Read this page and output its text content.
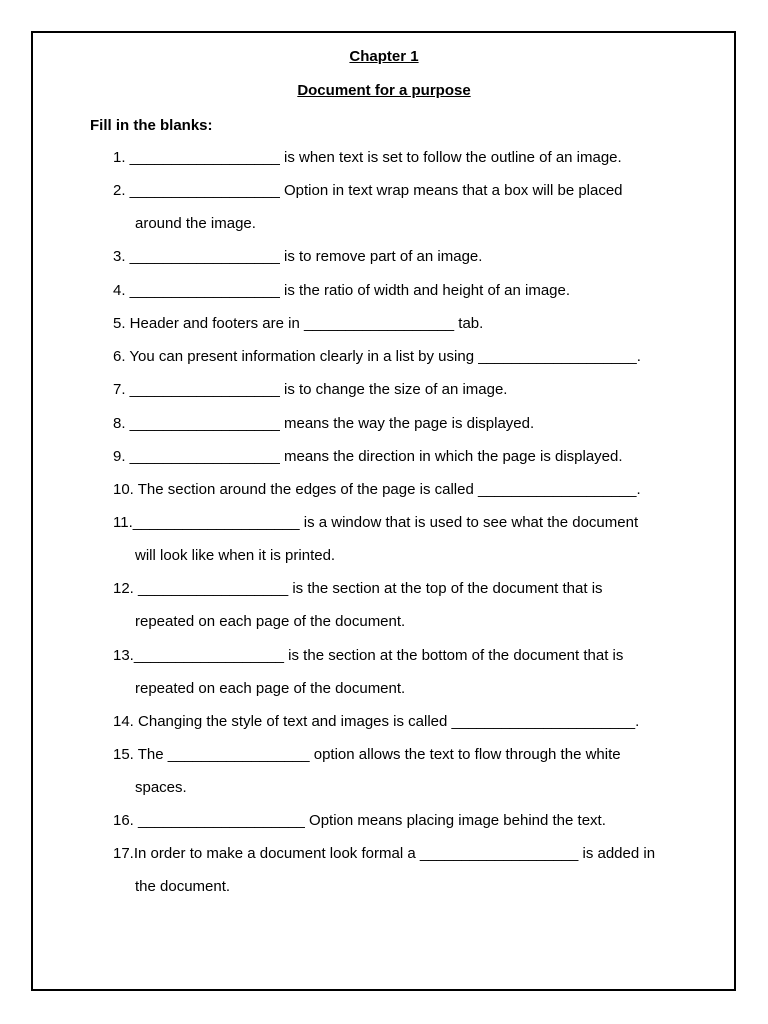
Chapter 1
Document for a purpose
Fill in the blanks:
1. __________________ is when text is set to follow the outline of an image.
2. __________________ Option in text wrap means that a box will be placed
around the image.
3. __________________ is to remove part of an image.
4. __________________ is the ratio of width and height of an image.
5. Header and footers are in __________________ tab.
6. You can present information clearly in a list by using ___________________.
7. __________________ is to change the size of an image.
8. __________________ means the way the page is displayed.
9. __________________ means the direction in which the page is displayed.
10. The section around the edges of the page is called ___________________.
11.____________________ is a window that is used to see what the document
will look like when it is printed.
12. __________________ is the section at the top of the document that is
repeated on each page of the document.
13.__________________ is the section at the bottom of the document that is
repeated on each page of the document.
14. Changing the style of text and images is called ______________________.
15. The _________________ option allows the text to flow through the white
spaces.
16. ____________________ Option means placing image behind the text.
17.In order to make a document look formal a ___________________ is added in
the document.
